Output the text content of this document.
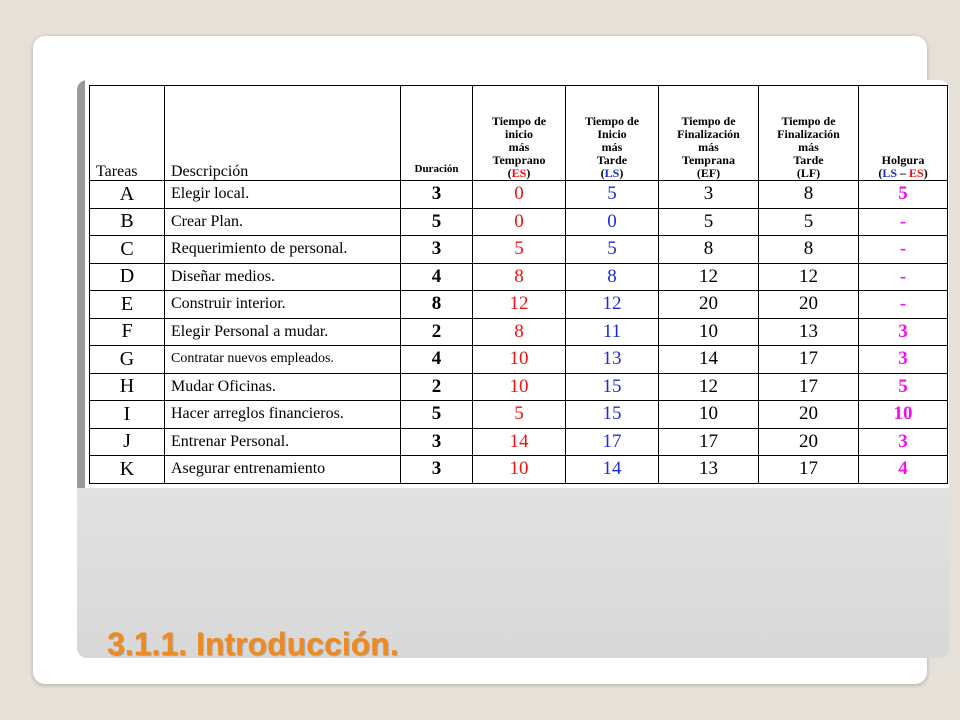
Tareas	Descripción	Duración	Tiempo de
inicio
más
Temprano
(ES)	Tiempo de
Inicio
más
Tarde
(LS)	Tiempo de
Finalización
más
Temprana
(EF)	Tiempo de
Finalización
más
Tarde
(LF)	Holgura
(LS – ES)
A	Elegir local.	3	0	5	3	8	5
B	Crear Plan.	5	0	0	5	5	-
C	Requerimiento de personal.	3	5	5	8	8	-
D	Diseñar medios.	4	8	8	12	12	-
E	Construir interior.	8	12	12	20	20	-
F	Elegir Personal a mudar.	2	8	11	10	13	3
G	Contratar nuevos empleados.	4	10	13	14	17	3
H	Mudar Oficinas.	2	10	15	12	17	5
I	Hacer arreglos financieros.	5	5	15	10	20	10
J	Entrenar Personal.	3	14	17	17	20	3
K	Asegurar entrenamiento	3	10	14	13	17	4
3.1.1. Introducción.
